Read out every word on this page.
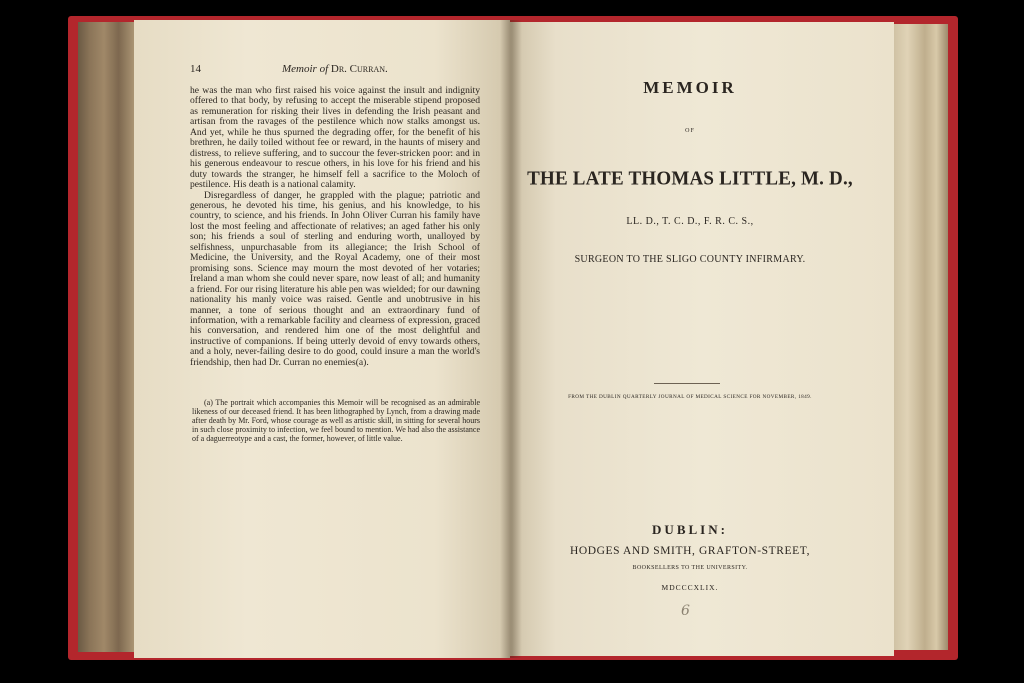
14	Memoir of Dr. Curran.

he was the man who first raised his voice against the insult and indignity offered to that body, by refusing to accept the miserable stipend proposed as remuneration for risking their lives in defending the Irish peasant and artisan from the ravages of the pestilence which now stalks amongst us. And yet, while he thus spurned the degrading offer, for the benefit of his brethren, he daily toiled without fee or reward, in the haunts of misery and distress, to relieve suffering, and to succour the fever-stricken poor: and in his generous endeavour to rescue others, in his love for his friend and his duty towards the stranger, he himself fell a sacrifice to the Moloch of pestilence. His death is a national calamity.

Disregardless of danger, he grappled with the plague; patriotic and generous, he devoted his time, his genius, and his knowledge, to his country, to science, and his friends. In John Oliver Curran his family have lost the most feeling and affectionate of relatives; an aged father his only son; his friends a soul of sterling and enduring worth, unalloyed by selfishness, unpurchasable from its allegiance; the Irish School of Medicine, the University, and the Royal Academy, one of their most promising sons. Science may mourn the most devoted of her votaries; Ireland a man whom she could never spare, now least of all; and humanity a friend. For our rising literature his able pen was wielded; for our dawning nationality his manly voice was raised. Gentle and unobtrusive in his manner, a tone of serious thought and an extraordinary fund of information, with a remarkable facility and clearness of expression, graced his conversation, and rendered him one of the most delightful and instructive of companions. If being utterly devoid of envy towards others, and a holy, never-failing desire to do good, could insure a man the world's friendship, then had Dr. Curran no enemies(a).

(a) The portrait which accompanies this Memoir will be recognised as an admirable likeness of our deceased friend. It has been lithographed by Lynch, from a drawing made after death by Mr. Ford, whose courage as well as artistic skill, in sitting for several hours in such close proximity to infection, we feel bound to mention. We had also the assistance of a daguerreotype and a cast, the former, however, of little value.
MEMOIR
OF
THE LATE THOMAS LITTLE, M. D.,
LL. D., T. C. D., F. R. C. S.,
SURGEON TO THE SLIGO COUNTY INFIRMARY.
FROM THE DUBLIN QUARTERLY JOURNAL OF MEDICAL SCIENCE FOR NOVEMBER, 1849.
DUBLIN:
HODGES AND SMITH, GRAFTON-STREET,
BOOKSELLERS TO THE UNIVERSITY.
MDCCCXLIX.
6
